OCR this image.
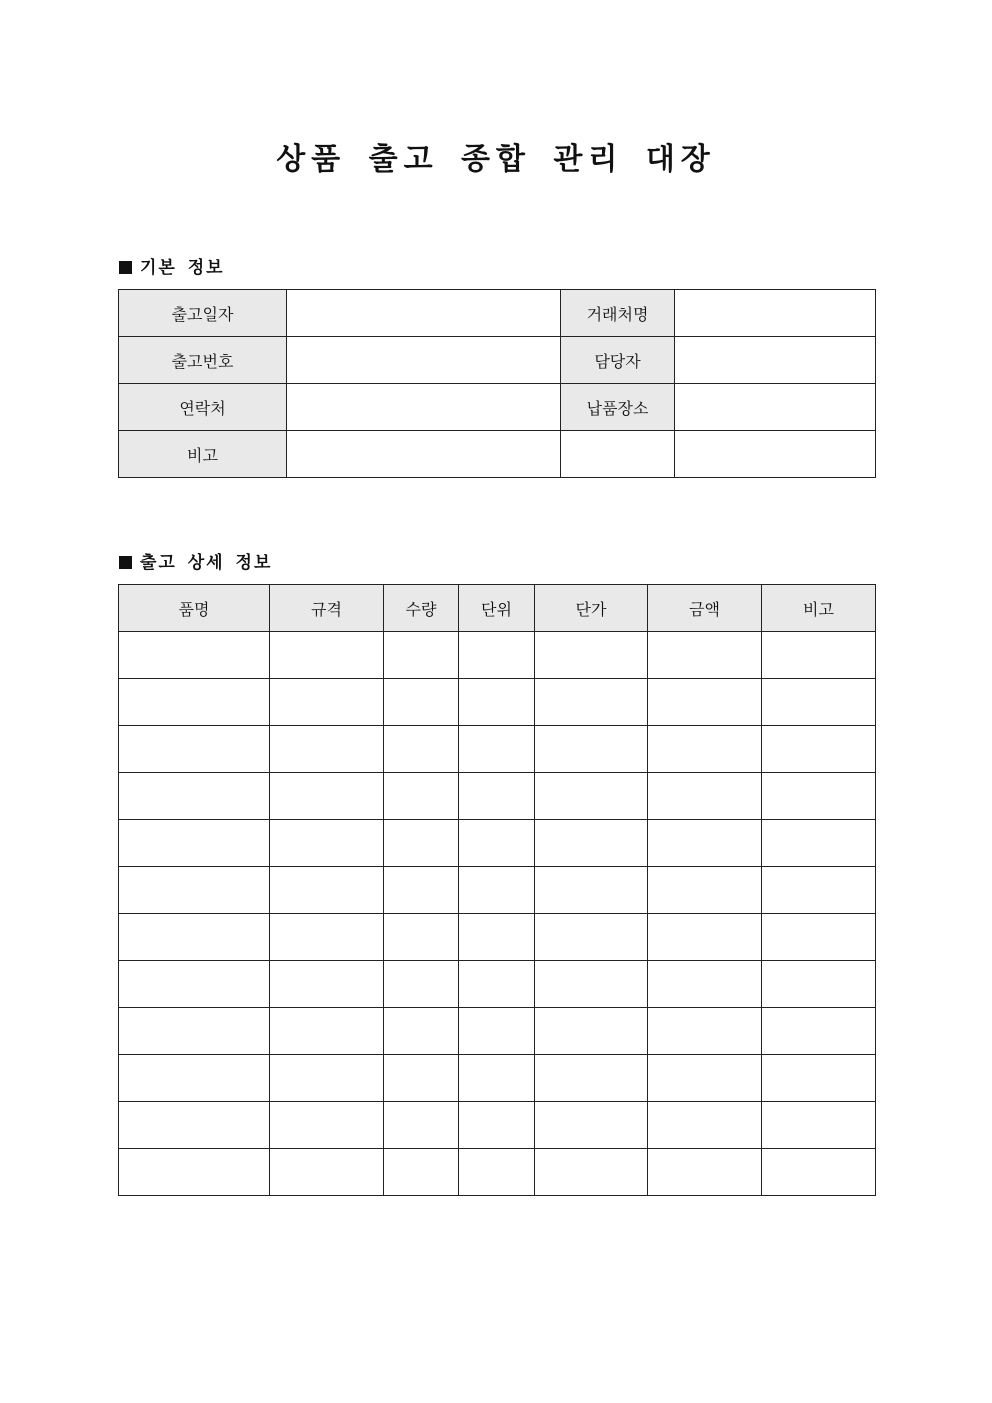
상품 출고 종합 관리 대장
기본 정보
출고일자		거래처명	
출고번호		담당자	
연락처		납품장소	
비고			
출고 상세 정보
품명	규격	수량	단위	단가	금액	비고
